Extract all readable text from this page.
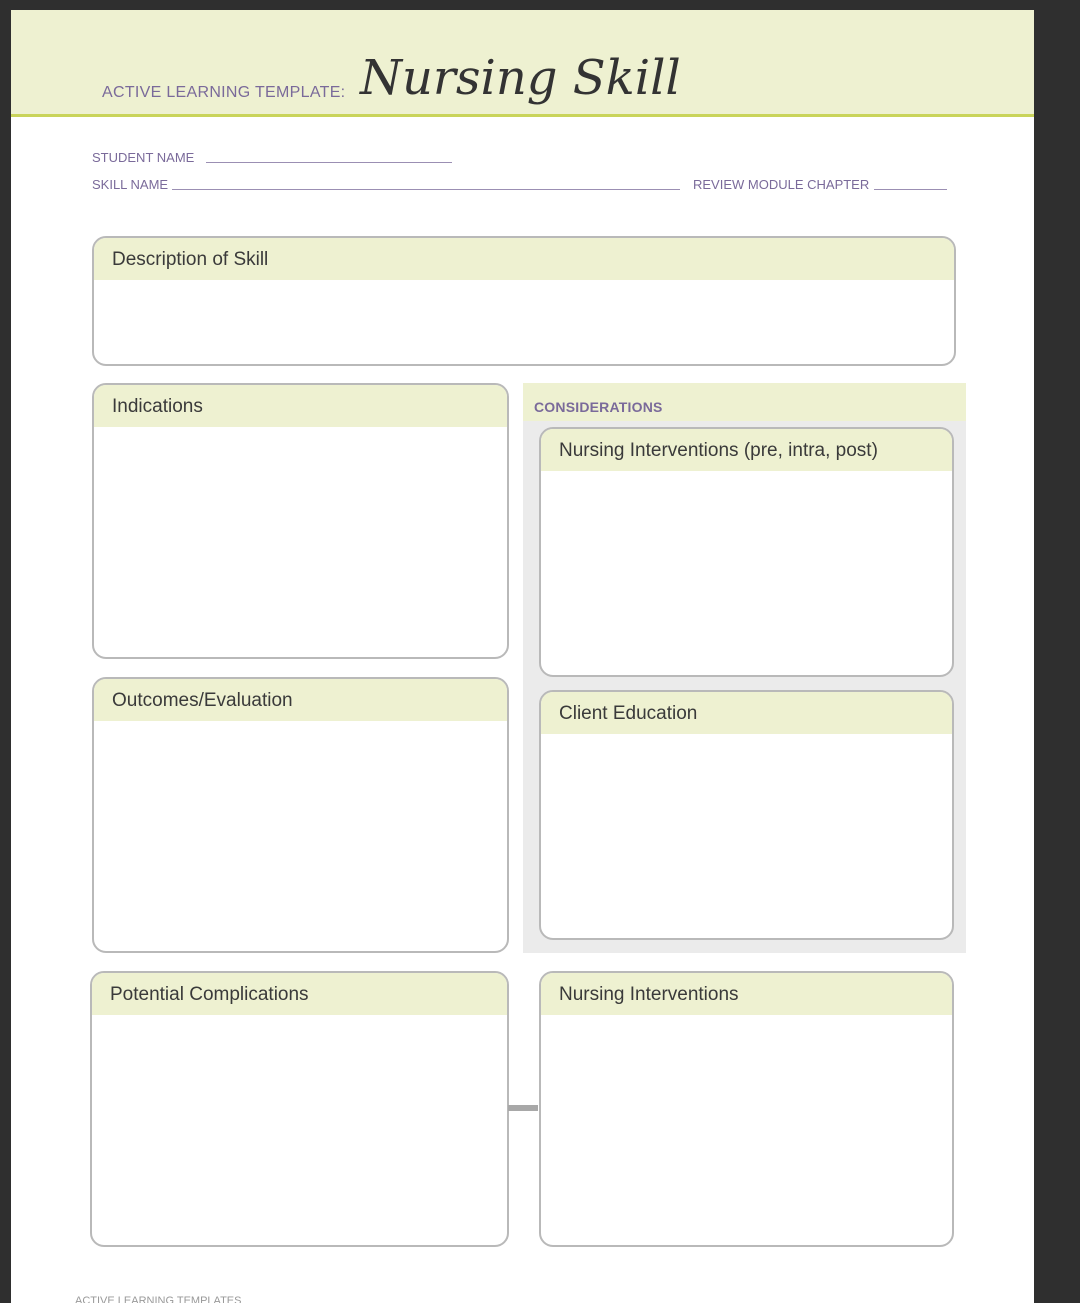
ACTIVE LEARNING TEMPLATE: Nursing Skill
STUDENT NAME
SKILL NAME	REVIEW MODULE CHAPTER
Description of Skill
Indications
Outcomes/Evaluation
CONSIDERATIONS
Nursing Interventions (pre, intra, post)
Client Education
Potential Complications	Nursing Interventions
ACTIVE LEARNING TEMPLATES
